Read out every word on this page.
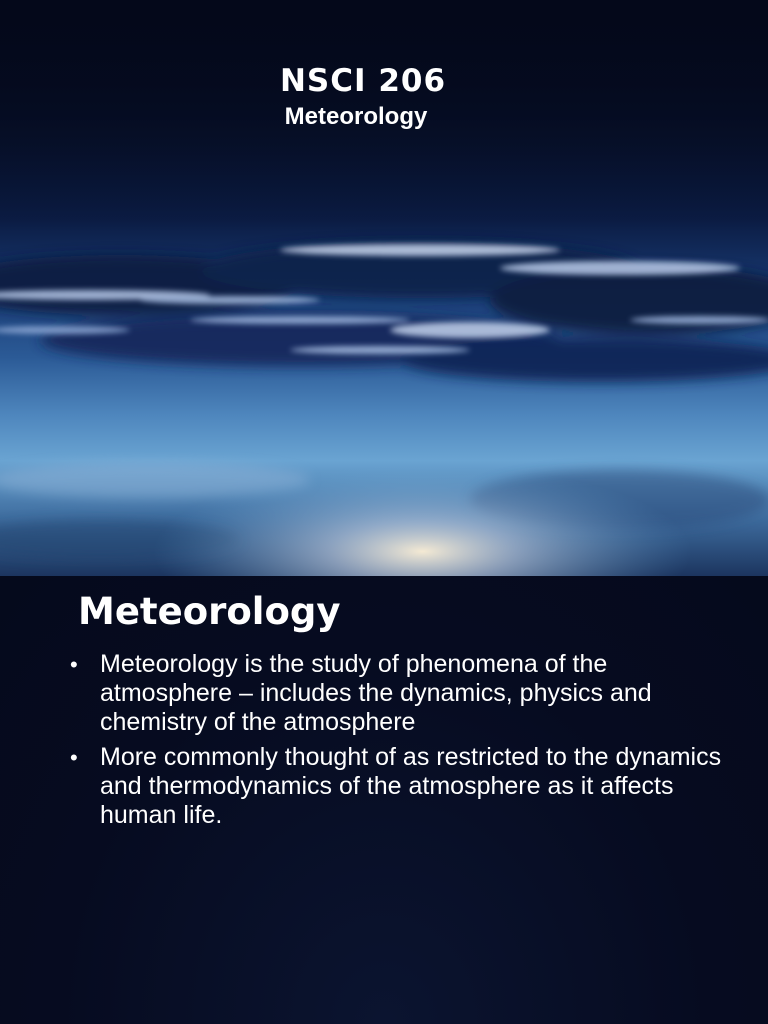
NSCI 206
Meteorology
Meteorology
• Meteorology is the study of phenomena of the atmosphere – includes the dynamics, physics and chemistry of the atmosphere
• More commonly thought of as restricted to the dynamics and thermodynamics of the atmosphere as it affects human life.
